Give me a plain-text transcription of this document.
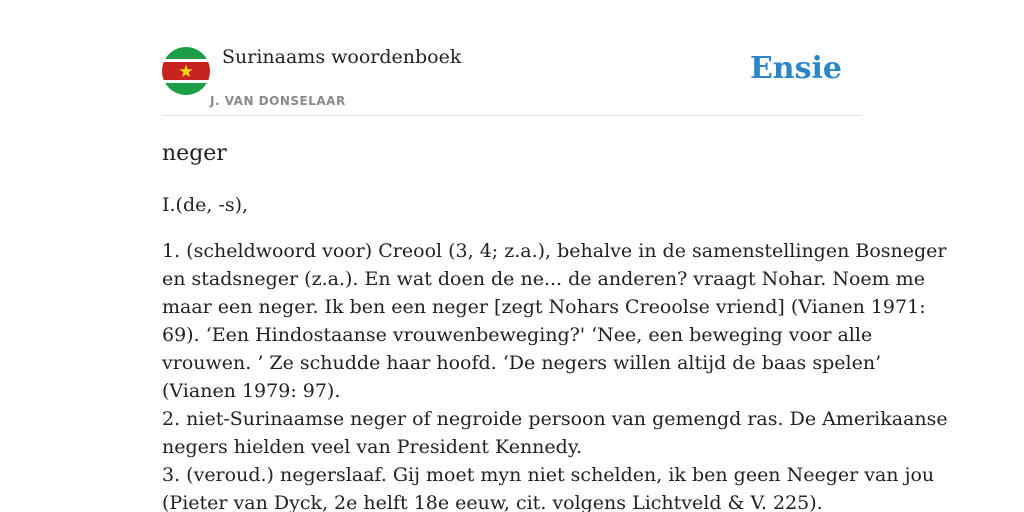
Surinaams woordenboek
J. VAN DONSELAAR
Ensie
neger

I.(de, -s),

1. (scheldwoord voor) Creool (3, 4; z.a.), behalve in de samenstellingen Bosneger
en stadsneger (z.a.). En wat doen de ne... de anderen? vraagt Nohar. Noem me
maar een neger. Ik ben een neger [zegt Nohars Creoolse vriend] (Vianen 1971:
69). ‘Een Hindostaanse vrouwenbeweging?' ‘Nee, een beweging voor alle
vrouwen. ’ Ze schudde haar hoofd. ‘De negers willen altijd de baas spelen’
(Vianen 1979: 97).
2. niet-Surinaamse neger of negroide persoon van gemengd ras. De Amerikaanse
negers hielden veel van President Kennedy.
3. (veroud.) negerslaaf. Gij moet myn niet schelden, ik ben geen Neeger van jou
(Pieter van Dyck, 2e helft 18e eeuw, cit. volgens Lichtveld & V. 225).
